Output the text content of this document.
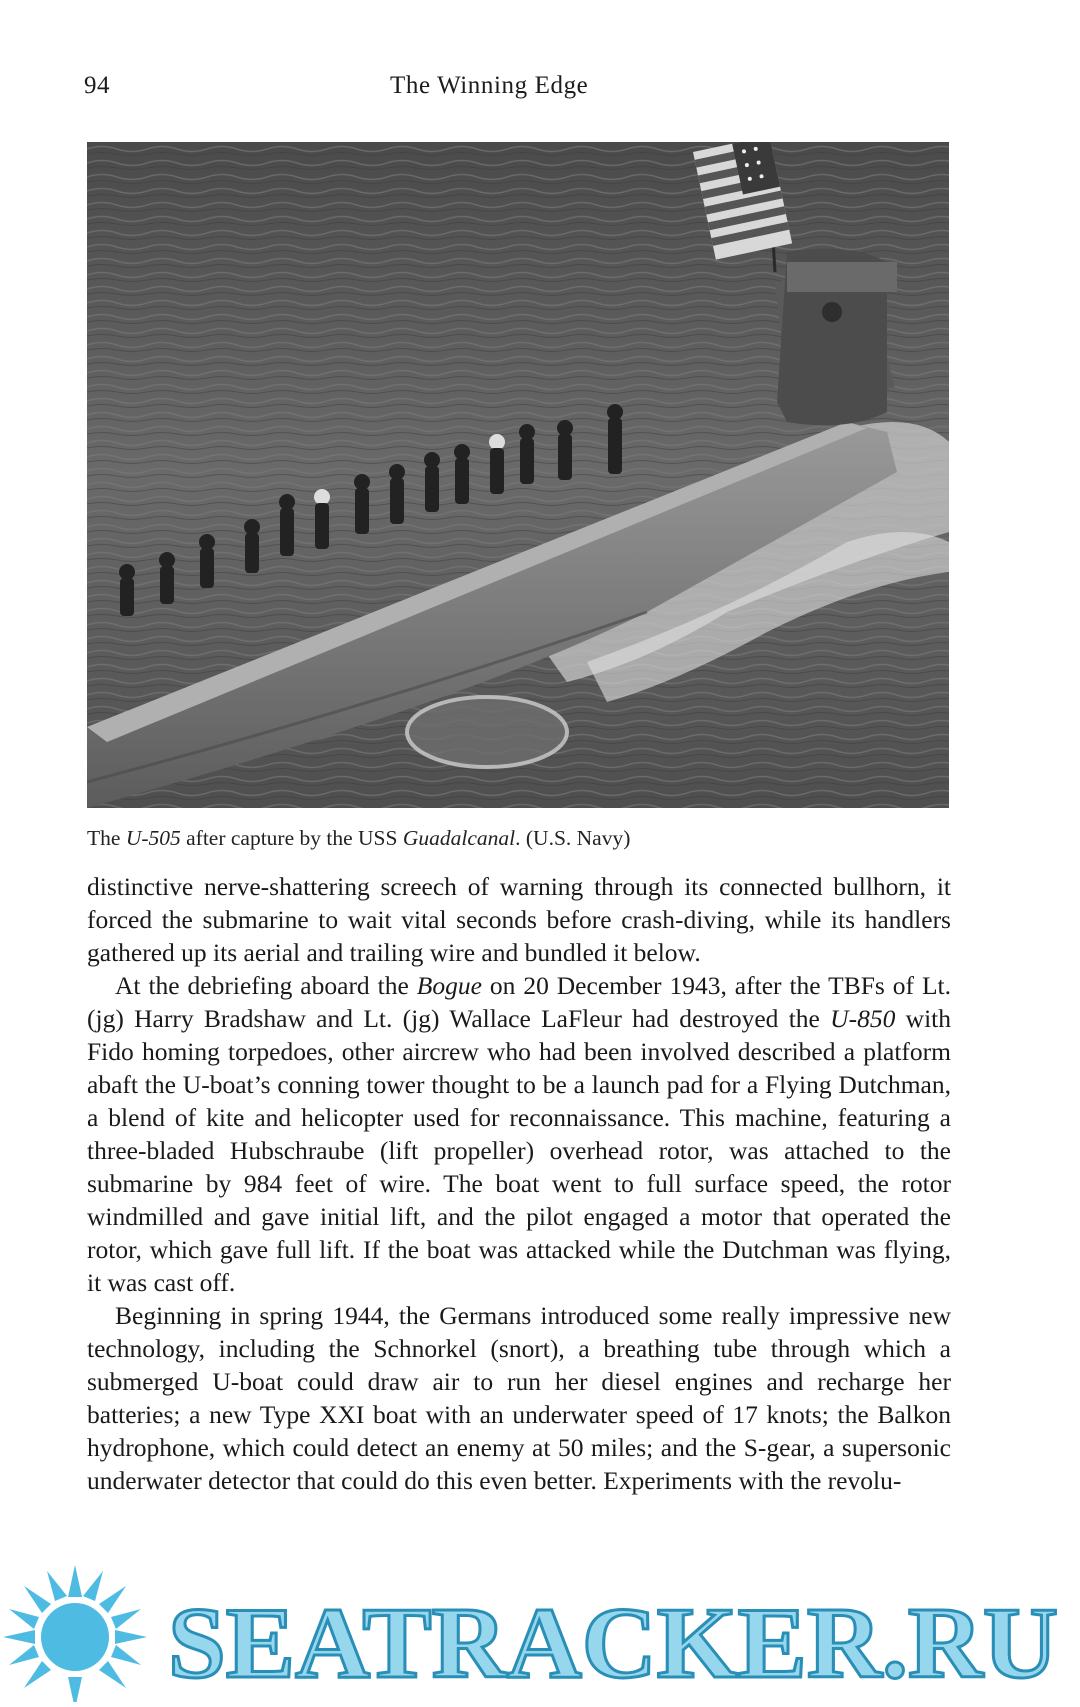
94	The Winning Edge
The U-505 after capture by the USS Guadalcanal. (U.S. Navy)

distinctive nerve-shattering screech of warning through its connected bullhorn, it forced the submarine to wait vital seconds before crash-diving, while its handlers gathered up its aerial and trailing wire and bundled it below.

At the debriefing aboard the Bogue on 20 December 1943, after the TBFs of Lt. (jg) Harry Bradshaw and Lt. (jg) Wallace LaFleur had destroyed the U-850 with Fido homing torpedoes, other aircrew who had been involved described a platform abaft the U-boat’s conning tower thought to be a launch pad for a Flying Dutchman, a blend of kite and helicopter used for reconnaissance. This machine, featuring a three-bladed Hubschraube (lift propeller) overhead rotor, was attached to the submarine by 984 feet of wire. The boat went to full surface speed, the rotor windmilled and gave initial lift, and the pilot engaged a motor that operated the rotor, which gave full lift. If the boat was attacked while the Dutchman was flying, it was cast off.

Beginning in spring 1944, the Germans introduced some really impressive new technology, including the Schnorkel (snort), a breathing tube through which a submerged U-boat could draw air to run her diesel engines and recharge her batteries; a new Type XXI boat with an underwater speed of 17 knots; the Balkon hydrophone, which could detect an enemy at 50 miles; and the S-gear, a supersonic underwater detector that could do this even better. Experiments with the revolu-

SEATRACKER.RU
